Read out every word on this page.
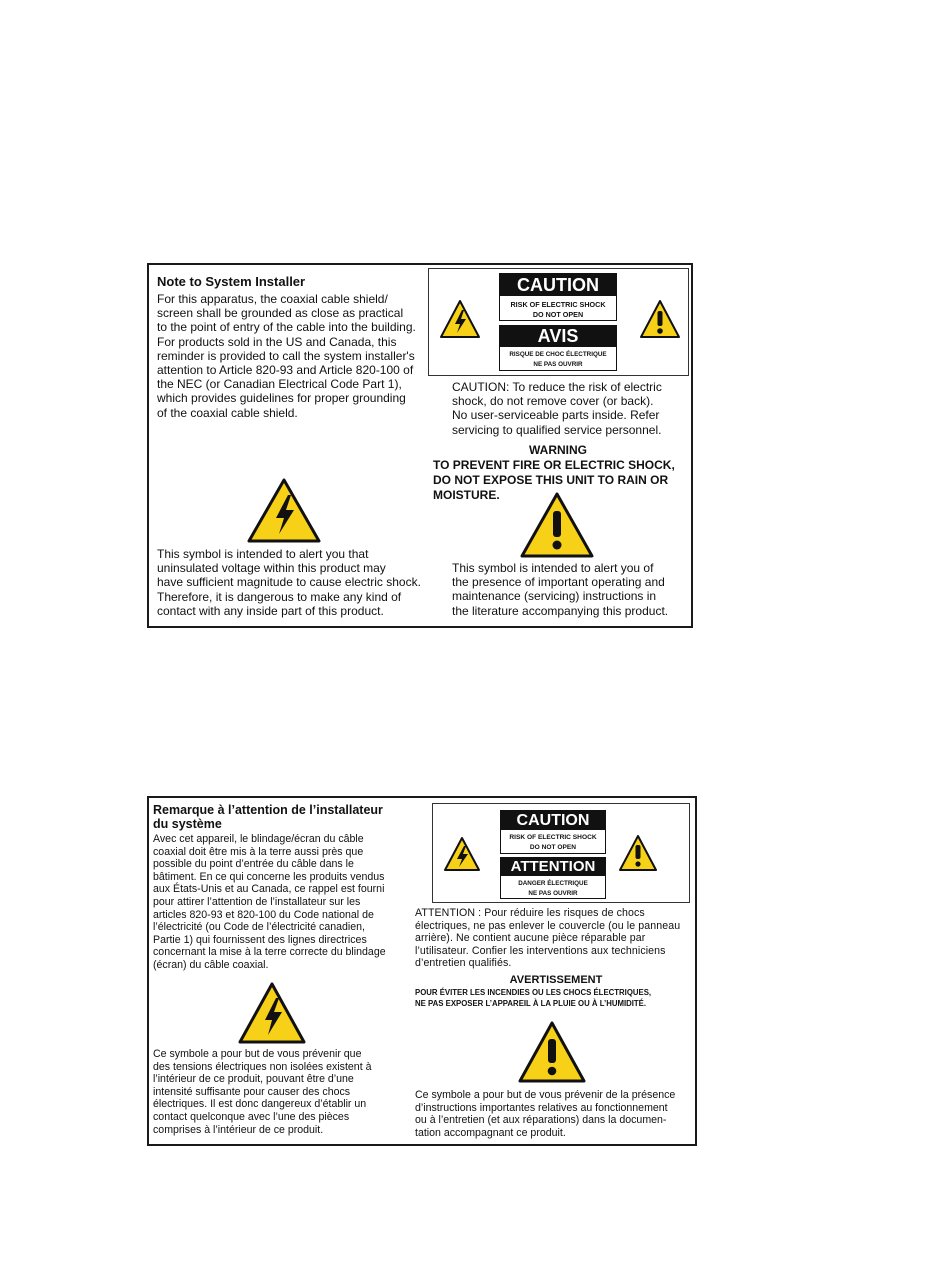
Note to System Installer
For this apparatus, the coaxial cable shield/
screen shall be grounded as close as practical
to the point of entry of the cable into the building.
For products sold in the US and Canada, this
reminder is provided to call the system installer's
attention to Article 820-93 and Article 820-100 of
the NEC (or Canadian Electrical Code Part 1),
which provides guidelines for proper grounding
of the coaxial cable shield.
CAUTION
RISK OF ELECTRIC SHOCK
DO NOT OPEN
AVIS
RISQUE DE CHOC ÉLECTRIQUE
NE PAS OUVRIR
CAUTION: To reduce the risk of electric
shock, do not remove cover (or back).
No user-serviceable parts inside. Refer
servicing to qualified service personnel.
WARNING
TO PREVENT FIRE OR ELECTRIC SHOCK,
DO NOT EXPOSE THIS UNIT TO RAIN OR
MOISTURE.
This symbol is intended to alert you that
uninsulated voltage within this product may
have sufficient magnitude to cause electric shock.
Therefore, it is dangerous to make any kind of
contact with any inside part of this product.
This symbol is intended to alert you of
the presence of important operating and
maintenance (servicing) instructions in
the literature accompanying this product.
Remarque à l’attention de l’installateur
du système
Avec cet appareil, le blindage/écran du câble
coaxial doit être mis à la terre aussi près que
possible du point d’entrée du câble dans le
bâtiment. En ce qui concerne les produits vendus
aux États-Unis et au Canada, ce rappel est fourni
pour attirer l’attention de l’installateur sur les
articles 820-93 et 820-100 du Code national de
l’électricité (ou Code de l’électricité canadien,
Partie 1) qui fournissent des lignes directrices
concernant la mise à la terre correcte du blindage
(écran) du câble coaxial.
CAUTION
RISK OF ELECTRIC SHOCK
DO NOT OPEN
ATTENTION
DANGER ÉLECTRIQUE
NE PAS OUVRIR
ATTENTION : Pour réduire les risques de chocs
électriques, ne pas enlever le couvercle (ou le panneau
arrière). Ne contient aucune pièce réparable par
l’utilisateur. Confier les interventions aux techniciens
d’entretien qualifiés.
AVERTISSEMENT
POUR ÉVITER LES INCENDIES OU LES CHOCS ÉLECTRIQUES,
NE PAS EXPOSER L’APPAREIL À LA PLUIE OU À L’HUMIDITÉ.
Ce symbole a pour but de vous prévenir que
des tensions électriques non isolées existent à
l’intérieur de ce produit, pouvant être d’une
intensité suffisante pour causer des chocs
électriques. Il est donc dangereux d’établir un
contact quelconque avec l’une des pièces
comprises à l’intérieur de ce produit.
Ce symbole a pour but de vous prévenir de la présence
d’instructions importantes relatives au fonctionnement
ou à l’entretien (et aux réparations) dans la documen-
tation accompagnant ce produit.
